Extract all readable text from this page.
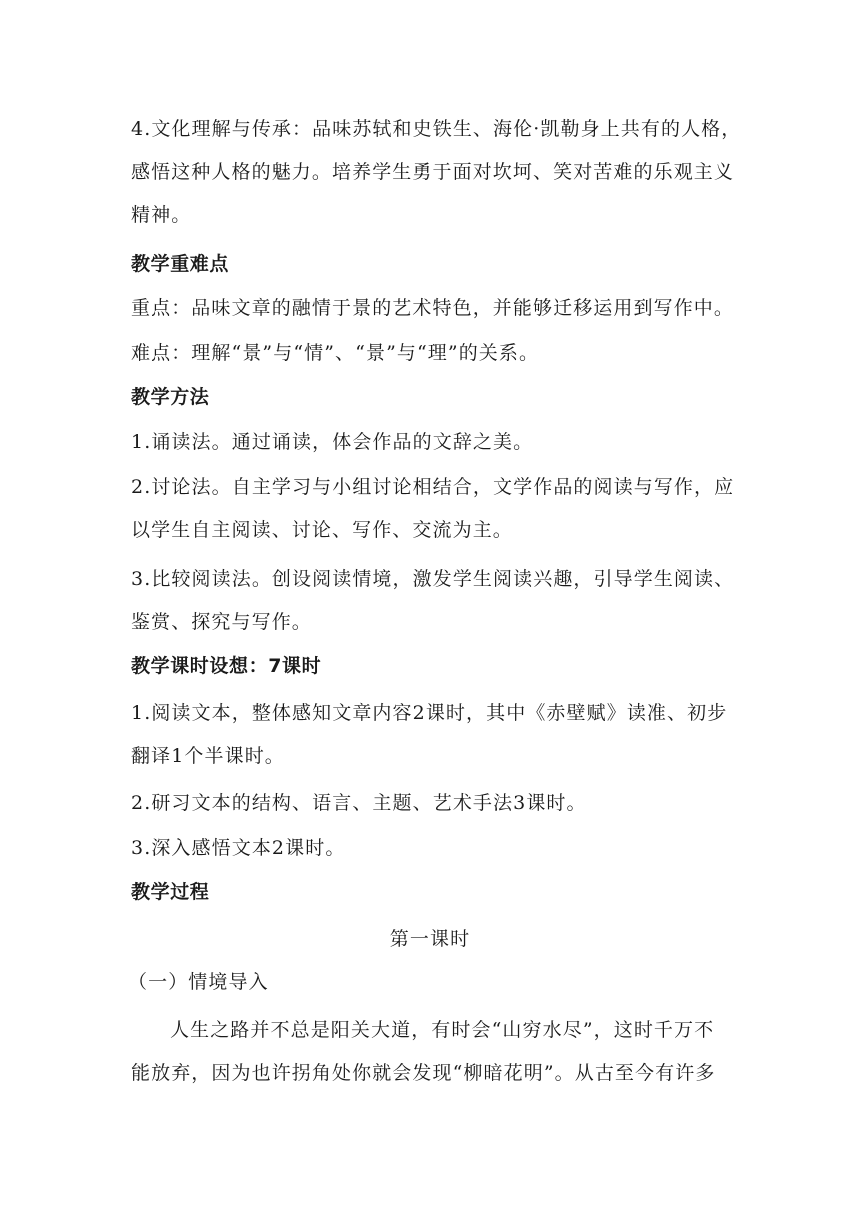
4.文化理解与传承：品味苏轼和史铁生、海伦·凯勒身上共有的人格，
感悟这种人格的魅力。培养学生勇于面对坎坷、笑对苦难的乐观主义
精神。
教学重难点
重点：品味文章的融情于景的艺术特色，并能够迁移运用到写作中。
难点：理解“景”与“情”、“景”与“理”的关系。
教学方法
1.诵读法。通过诵读，体会作品的文辞之美。
2.讨论法。自主学习与小组讨论相结合，文学作品的阅读与写作，应
以学生自主阅读、讨论、写作、交流为主。
3.比较阅读法。创设阅读情境，激发学生阅读兴趣，引导学生阅读、
鉴赏、探究与写作。
教学课时设想：7课时
1.阅读文本，整体感知文章内容2课时，其中《赤壁赋》读准、初步
翻译1个半课时。
2.研习文本的结构、语言、主题、艺术手法3课时。
3.深入感悟文本2课时。
教学过程
第一课时
（一）情境导入
人生之路并不总是阳关大道，有时会“山穷水尽”，这时千万不
能放弃，因为也许拐角处你就会发现“柳暗花明”。从古至今有许多
